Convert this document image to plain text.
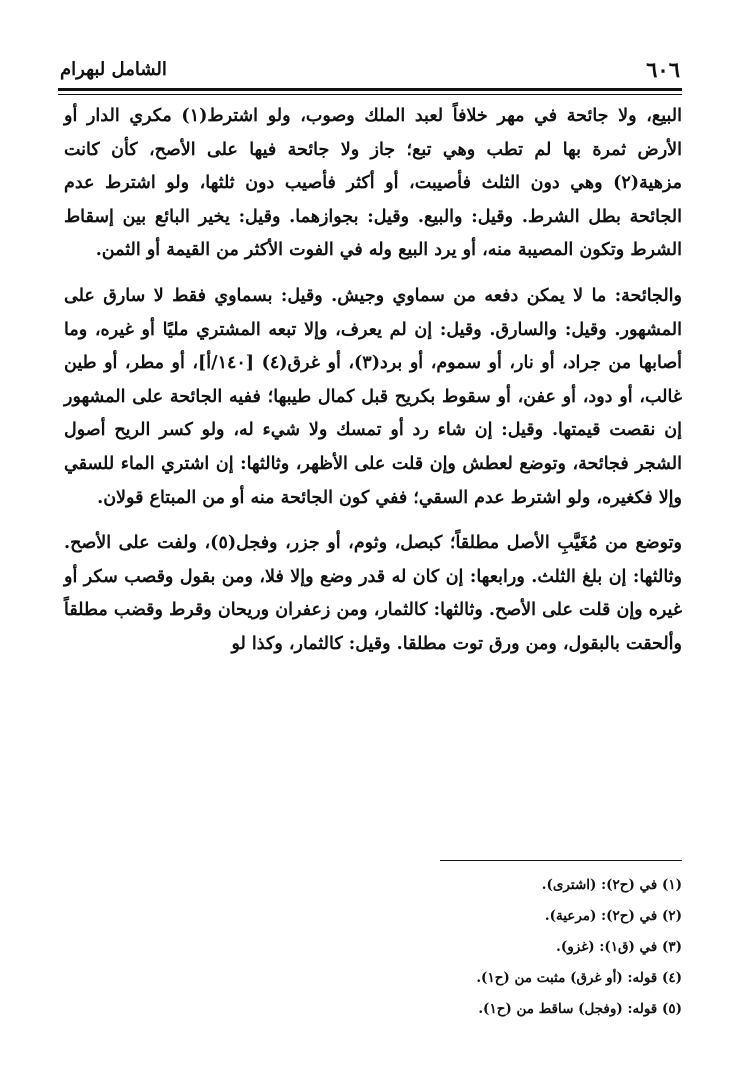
٦٠٦
الشامل لبهرام

البيع، ولا جائحة في مهر خلافاً لعبد الملك وصوب، ولو اشترط(١) مكري الدار أو الأرض ثمرة بها لم تطب وهي تبع؛ جاز ولا جائحة فيها على الأصح، كأن كانت مزهية(٢) وهي دون الثلث فأصيبت، أو أكثر فأصيب دون ثلثها، ولو اشترط عدم الجائحة بطل الشرط. وقيل: والبيع. وقيل: بجوازهما. وقيل: يخير البائع بين إسقاط الشرط وتكون المصيبة منه، أو يرد البيع وله في الفوت الأكثر من القيمة أو الثمن.

والجائحة: ما لا يمكن دفعه من سماوي وجيش. وقيل: بسماوي فقط لا سارق على المشهور. وقيل: والسارق. وقيل: إن لم يعرف، وإلا تبعه المشتري مليًا أو غيره، وما أصابها من جراد، أو نار، أو سموم، أو برد(٣)، أو غرق(٤) [١٤٠/أ]، أو مطر، أو طين غالب، أو دود، أو عفن، أو سقوط بكريح قبل كمال طيبها؛ ففيه الجائحة على المشهور إن نقصت قيمتها. وقيل: إن شاء رد أو تمسك ولا شيء له، ولو كسر الريح أصول الشجر فجائحة، وتوضع لعطش وإن قلت على الأظهر، وثالثها: إن اشتري الماء للسقي وإلا فكغيره، ولو اشترط عدم السقي؛ ففي كون الجائحة منه أو من المبتاع قولان.

وتوضع من مُغَيَّبِ الأصل مطلقاً؛ كبصل، وثوم، أو جزر، وفجل(٥)، ولفت على الأصح. وثالثها: إن بلغ الثلث. ورابعها: إن كان له قدر وضع وإلا فلا، ومن بقول وقصب سكر أو غيره وإن قلت على الأصح. وثالثها: كالثمار، ومن زعفران وريحان وقرط وقضب مطلقاً وألحقت بالبقول، ومن ورق توت مطلقا. وقيل: كالثمار، وكذا لو

(١) في (ح٢): (اشترى).
(٢) في (ح٢): (مرعية).
(٣) في (ق١): (غزو).
(٤) قوله: (أو غرق) مثبت من (ح١).
(٥) قوله: (وفجل) ساقط من (ح١).
